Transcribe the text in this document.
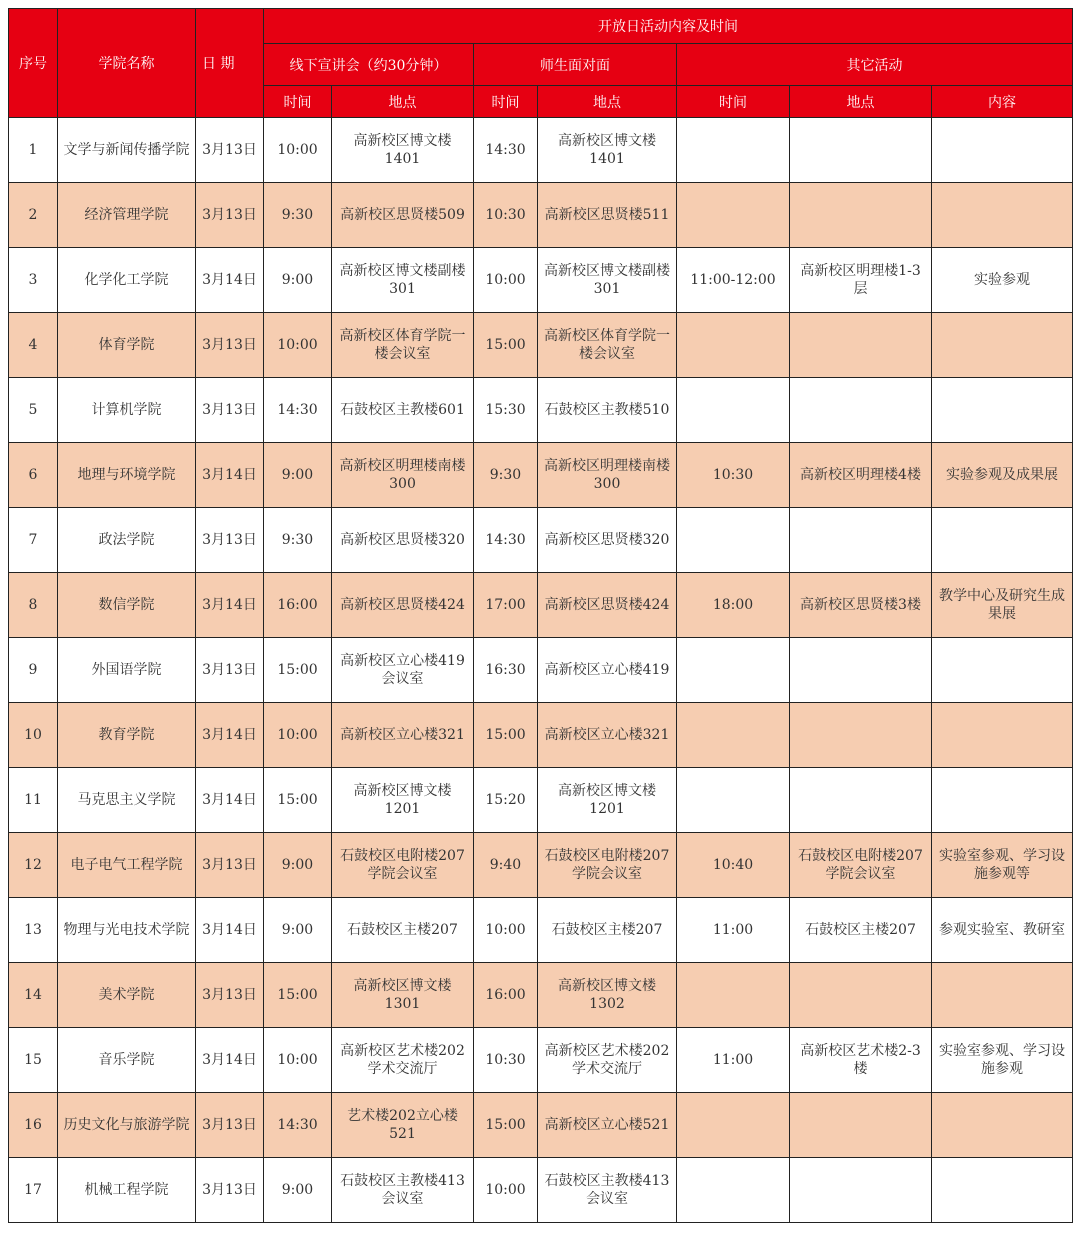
序号	学院名称	日 期	开放日活动内容及时间						
			线下宣讲会（约30分钟）		师生面对面		其它活动		
			时间	地点	时间	地点	时间	地点	内容
1	文学与新闻传播学院	3月13日	10:00	高新校区博文楼1401	14:30	高新校区博文楼1401			
2	经济管理学院	3月13日	9:30	高新校区思贤楼509	10:30	高新校区思贤楼511			
3	化学化工学院	3月14日	9:00	高新校区博文楼副楼301	10:00	高新校区博文楼副楼301	11:00-12:00	高新校区明理楼1-3层	实验参观
4	体育学院	3月13日	10:00	高新校区体育学院一楼会议室	15:00	高新校区体育学院一楼会议室			
5	计算机学院	3月13日	14:30	石鼓校区主教楼601	15:30	石鼓校区主教楼510			
6	地理与环境学院	3月14日	9:00	高新校区明理楼南楼300	9:30	高新校区明理楼南楼300	10:30	高新校区明理楼4楼	实验参观及成果展
7	政法学院	3月13日	9:30	高新校区思贤楼320	14:30	高新校区思贤楼320			
8	数信学院	3月14日	16:00	高新校区思贤楼424	17:00	高新校区思贤楼424	18:00	高新校区思贤楼3楼	教学中心及研究生成果展
9	外国语学院	3月13日	15:00	高新校区立心楼419会议室	16:30	高新校区立心楼419			
10	教育学院	3月14日	10:00	高新校区立心楼321	15:00	高新校区立心楼321			
11	马克思主义学院	3月14日	15:00	高新校区博文楼1201	15:20	高新校区博文楼1201			
12	电子电气工程学院	3月13日	9:00	石鼓校区电附楼207学院会议室	9:40	石鼓校区电附楼207学院会议室	10:40	石鼓校区电附楼207学院会议室	实验室参观、学习设施参观等
13	物理与光电技术学院	3月14日	9:00	石鼓校区主楼207	10:00	石鼓校区主楼207	11:00	石鼓校区主楼207	参观实验室、教研室
14	美术学院	3月13日	15:00	高新校区博文楼1301	16:00	高新校区博文楼1302			
15	音乐学院	3月14日	10:00	高新校区艺术楼202学术交流厅	10:30	高新校区艺术楼202学术交流厅	11:00	高新校区艺术楼2-3楼	实验室参观、学习设施参观
16	历史文化与旅游学院	3月13日	14:30	艺术楼202立心楼521	15:00	高新校区立心楼521			
17	机械工程学院	3月13日	9:00	石鼓校区主教楼413会议室	10:00	石鼓校区主教楼413会议室			
